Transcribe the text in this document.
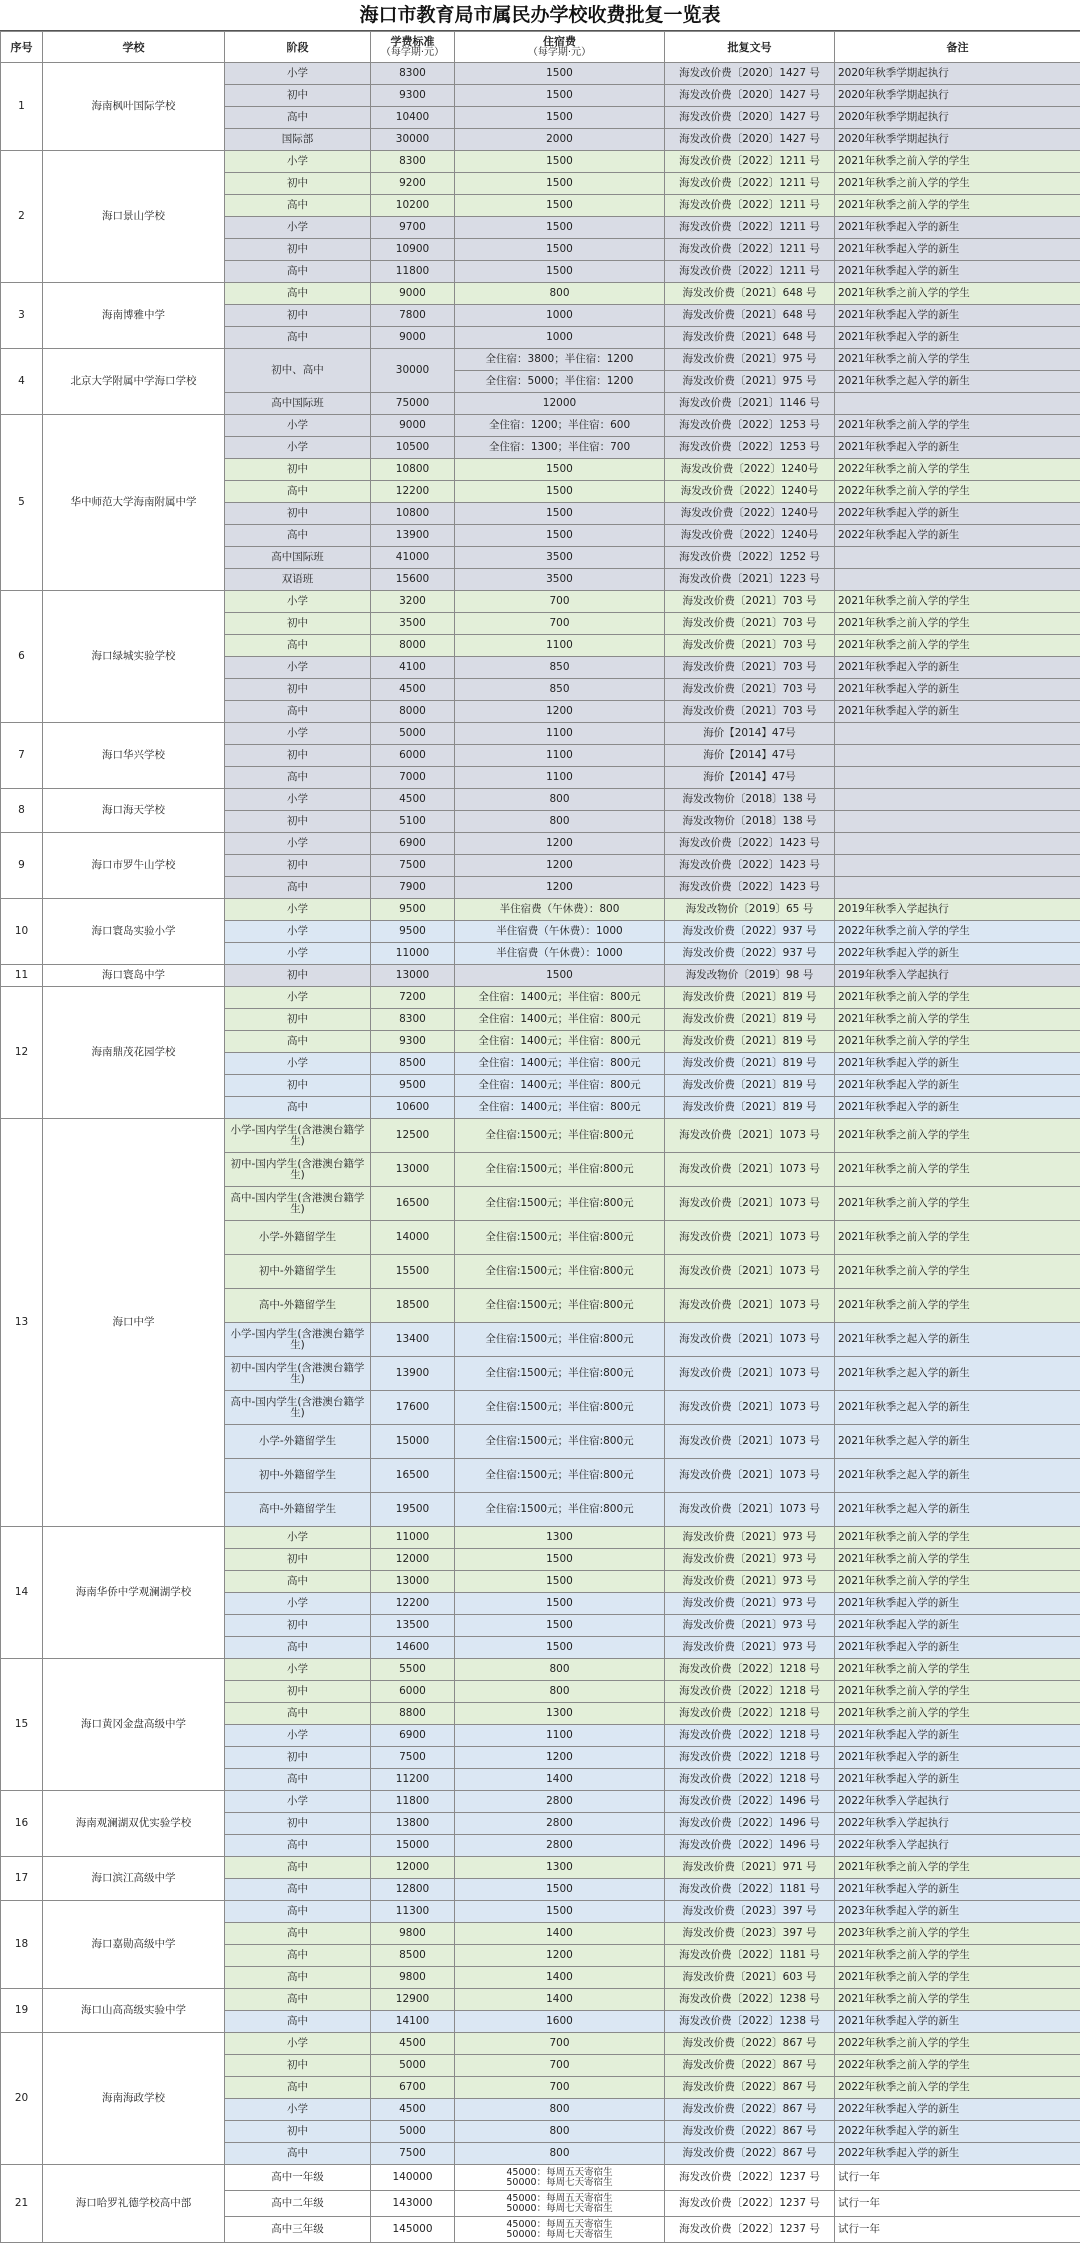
海口市教育局市属民办学校收费批复一览表
序号	学校	阶段	学费标准
（每学期·元）	住宿费
（每学期·元）	批复文号	备注
1	海南枫叶国际学校	小学	8300	1500	海发改价费〔2020〕1427 号	2020年秋季学期起执行
		初中	9300	1500	海发改价费〔2020〕1427 号	2020年秋季学期起执行
		高中	10400	1500	海发改价费〔2020〕1427 号	2020年秋季学期起执行
		国际部	30000	2000	海发改价费〔2020〕1427 号	2020年秋季学期起执行
2	海口景山学校	小学	8300	1500	海发改价费〔2022〕1211 号	2021年秋季之前入学的学生
		初中	9200	1500	海发改价费〔2022〕1211 号	2021年秋季之前入学的学生
		高中	10200	1500	海发改价费〔2022〕1211 号	2021年秋季之前入学的学生
		小学	9700	1500	海发改价费〔2022〕1211 号	2021年秋季起入学的新生
		初中	10900	1500	海发改价费〔2022〕1211 号	2021年秋季起入学的新生
		高中	11800	1500	海发改价费〔2022〕1211 号	2021年秋季起入学的新生
3	海南博雅中学	高中	9000	800	海发改价费〔2021〕648 号	2021年秋季之前入学的学生
		初中	7800	1000	海发改价费〔2021〕648 号	2021年秋季起入学的新生
		高中	9000	1000	海发改价费〔2021〕648 号	2021年秋季起入学的新生
4	北京大学附属中学海口学校	初中、高中	30000	全住宿：3800；半住宿：1200	海发改价费〔2021〕975 号	2021年秋季之前入学的学生
				全住宿：5000；半住宿：1200	海发改价费〔2021〕975 号	2021年秋季之起入学的新生
		高中国际班	75000	12000	海发改价费〔2021〕1146 号	
5	华中师范大学海南附属中学	小学	9000	全住宿：1200；半住宿：600	海发改价费〔2022〕1253 号	2021年秋季之前入学的学生
		小学	10500	全住宿：1300；半住宿：700	海发改价费〔2022〕1253 号	2021年秋季起入学的新生
		初中	10800	1500	海发改价费〔2022〕1240号	2022年秋季之前入学的学生
		高中	12200	1500	海发改价费〔2022〕1240号	2022年秋季之前入学的学生
		初中	10800	1500	海发改价费〔2022〕1240号	2022年秋季起入学的新生
		高中	13900	1500	海发改价费〔2022〕1240号	2022年秋季起入学的新生
		高中国际班	41000	3500	海发改价费〔2022〕1252 号	
		双语班	15600	3500	海发改价费〔2021〕1223 号	
6	海口绿城实验学校	小学	3200	700	海发改价费〔2021〕703 号	2021年秋季之前入学的学生
		初中	3500	700	海发改价费〔2021〕703 号	2021年秋季之前入学的学生
		高中	8000	1100	海发改价费〔2021〕703 号	2021年秋季之前入学的学生
		小学	4100	850	海发改价费〔2021〕703 号	2021年秋季起入学的新生
		初中	4500	850	海发改价费〔2021〕703 号	2021年秋季起入学的新生
		高中	8000	1200	海发改价费〔2021〕703 号	2021年秋季起入学的新生
7	海口华兴学校	小学	5000	1100	海价【2014】47号	
		初中	6000	1100	海价【2014】47号	
		高中	7000	1100	海价【2014】47号	
8	海口海天学校	小学	4500	800	海发改物价〔2018〕138 号	
		初中	5100	800	海发改物价〔2018〕138 号	
9	海口市罗牛山学校	小学	6900	1200	海发改价费〔2022〕1423 号	
		初中	7500	1200	海发改价费〔2022〕1423 号	
		高中	7900	1200	海发改价费〔2022〕1423 号	
10	海口寰岛实验小学	小学	9500	半住宿费（午休费）：800	海发改物价〔2019〕65 号	2019年秋季入学起执行
		小学	9500	半住宿费（午休费）：1000	海发改价费〔2022〕937 号	2022年秋季之前入学的学生
		小学	11000	半住宿费（午休费）：1000	海发改价费〔2022〕937 号	2022年秋季起入学的新生
11	海口寰岛中学	初中	13000	1500	海发改物价〔2019〕98 号	2019年秋季入学起执行
12	海南鼎茂花园学校	小学	7200	全住宿：1400元；半住宿：800元	海发改价费〔2021〕819 号	2021年秋季之前入学的学生
		初中	8300	全住宿：1400元；半住宿：800元	海发改价费〔2021〕819 号	2021年秋季之前入学的学生
		高中	9300	全住宿：1400元；半住宿：800元	海发改价费〔2021〕819 号	2021年秋季之前入学的学生
		小学	8500	全住宿：1400元；半住宿：800元	海发改价费〔2021〕819 号	2021年秋季起入学的新生
		初中	9500	全住宿：1400元；半住宿：800元	海发改价费〔2021〕819 号	2021年秋季起入学的新生
		高中	10600	全住宿：1400元；半住宿：800元	海发改价费〔2021〕819 号	2021年秋季起入学的新生
13	海口中学	小学-国内学生(含港澳台籍学生)	12500	全住宿:1500元；半住宿:800元	海发改价费〔2021〕1073 号	2021年秋季之前入学的学生
		初中-国内学生(含港澳台籍学生)	13000	全住宿:1500元；半住宿:800元	海发改价费〔2021〕1073 号	2021年秋季之前入学的学生
		高中-国内学生(含港澳台籍学生)	16500	全住宿:1500元；半住宿:800元	海发改价费〔2021〕1073 号	2021年秋季之前入学的学生
		小学-外籍留学生	14000	全住宿:1500元；半住宿:800元	海发改价费〔2021〕1073 号	2021年秋季之前入学的学生
		初中-外籍留学生	15500	全住宿:1500元；半住宿:800元	海发改价费〔2021〕1073 号	2021年秋季之前入学的学生
		高中-外籍留学生	18500	全住宿:1500元；半住宿:800元	海发改价费〔2021〕1073 号	2021年秋季之前入学的学生
		小学-国内学生(含港澳台籍学生)	13400	全住宿:1500元；半住宿:800元	海发改价费〔2021〕1073 号	2021年秋季之起入学的新生
		初中-国内学生(含港澳台籍学生)	13900	全住宿:1500元；半住宿:800元	海发改价费〔2021〕1073 号	2021年秋季之起入学的新生
		高中-国内学生(含港澳台籍学生)	17600	全住宿:1500元；半住宿:800元	海发改价费〔2021〕1073 号	2021年秋季之起入学的新生
		小学-外籍留学生	15000	全住宿:1500元；半住宿:800元	海发改价费〔2021〕1073 号	2021年秋季之起入学的新生
		初中-外籍留学生	16500	全住宿:1500元；半住宿:800元	海发改价费〔2021〕1073 号	2021年秋季之起入学的新生
		高中-外籍留学生	19500	全住宿:1500元；半住宿:800元	海发改价费〔2021〕1073 号	2021年秋季之起入学的新生
14	海南华侨中学观澜湖学校	小学	11000	1300	海发改价费〔2021〕973 号	2021年秋季之前入学的学生
		初中	12000	1500	海发改价费〔2021〕973 号	2021年秋季之前入学的学生
		高中	13000	1500	海发改价费〔2021〕973 号	2021年秋季之前入学的学生
		小学	12200	1500	海发改价费〔2021〕973 号	2021年秋季起入学的新生
		初中	13500	1500	海发改价费〔2021〕973 号	2021年秋季起入学的新生
		高中	14600	1500	海发改价费〔2021〕973 号	2021年秋季起入学的新生
15	海口黄冈金盘高级中学	小学	5500	800	海发改价费〔2022〕1218 号	2021年秋季之前入学的学生
		初中	6000	800	海发改价费〔2022〕1218 号	2021年秋季之前入学的学生
		高中	8800	1300	海发改价费〔2022〕1218 号	2021年秋季之前入学的学生
		小学	6900	1100	海发改价费〔2022〕1218 号	2021年秋季起入学的新生
		初中	7500	1200	海发改价费〔2022〕1218 号	2021年秋季起入学的新生
		高中	11200	1400	海发改价费〔2022〕1218 号	2021年秋季起入学的新生
16	海南观澜湖双优实验学校	小学	11800	2800	海发改价费〔2022〕1496 号	2022年秋季入学起执行
		初中	13800	2800	海发改价费〔2022〕1496 号	2022年秋季入学起执行
		高中	15000	2800	海发改价费〔2022〕1496 号	2022年秋季入学起执行
17	海口滨江高级中学	高中	12000	1300	海发改价费〔2021〕971 号	2021年秋季之前入学的学生
		高中	12800	1500	海发改价费〔2022〕1181 号	2021年秋季起入学的新生
18	海口嘉勋高级中学	高中	11300	1500	海发改价费〔2023〕397 号	2023年秋季起入学的新生
		高中	9800	1400	海发改价费〔2023〕397 号	2023年秋季之前入学的学生
		高中	8500	1200	海发改价费〔2022〕1181 号	2021年秋季之前入学的学生
		高中	9800	1400	海发改价费〔2021〕603 号	2021年秋季之前入学的学生
19	海口山高高级实验中学	高中	12900	1400	海发改价费〔2022〕1238 号	2021年秋季之前入学的学生
		高中	14100	1600	海发改价费〔2022〕1238 号	2021年秋季起入学的新生
20	海南海政学校	小学	4500	700	海发改价费〔2022〕867 号	2022年秋季之前入学的学生
		初中	5000	700	海发改价费〔2022〕867 号	2022年秋季之前入学的学生
		高中	6700	700	海发改价费〔2022〕867 号	2022年秋季之前入学的学生
		小学	4500	800	海发改价费〔2022〕867 号	2022年秋季起入学的新生
		初中	5000	800	海发改价费〔2022〕867 号	2022年秋季起入学的新生
		高中	7500	800	海发改价费〔2022〕867 号	2022年秋季起入学的新生
21	海口哈罗礼德学校高中部	高中一年级	140000	45000：每周五天寄宿生
50000：每周七天寄宿生	海发改价费〔2022〕1237 号	试行一年
		高中二年级	143000	45000：每周五天寄宿生
50000：每周七天寄宿生	海发改价费〔2022〕1237 号	试行一年
		高中三年级	145000	45000：每周五天寄宿生
50000：每周七天寄宿生	海发改价费〔2022〕1237 号	试行一年
